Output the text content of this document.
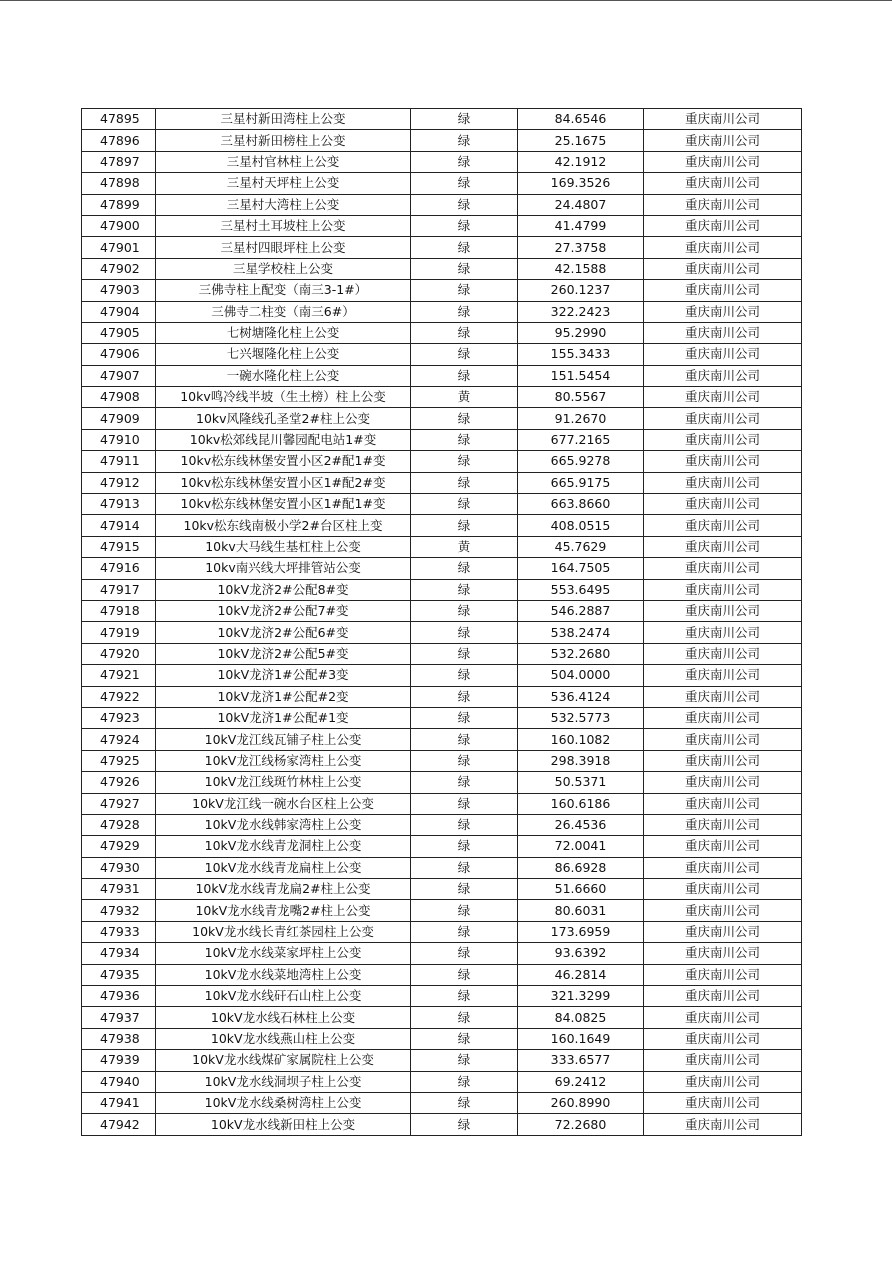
47895	三星村新田湾柱上公变	绿	84.6546	重庆南川公司
47896	三星村新田榜柱上公变	绿	25.1675	重庆南川公司
47897	三星村官林柱上公变	绿	42.1912	重庆南川公司
47898	三星村天坪柱上公变	绿	169.3526	重庆南川公司
47899	三星村大湾柱上公变	绿	24.4807	重庆南川公司
47900	三星村土耳坡柱上公变	绿	41.4799	重庆南川公司
47901	三星村四眼坪柱上公变	绿	27.3758	重庆南川公司
47902	三星学校柱上公变	绿	42.1588	重庆南川公司
47903	三佛寺柱上配变（南三3-1#）	绿	260.1237	重庆南川公司
47904	三佛寺二柱变（南三6#）	绿	322.2423	重庆南川公司
47905	七树塘隆化柱上公变	绿	95.2990	重庆南川公司
47906	七兴堰隆化柱上公变	绿	155.3433	重庆南川公司
47907	一碗水隆化柱上公变	绿	151.5454	重庆南川公司
47908	10kv鸣冷线半坡（生土榜）柱上公变	黄	80.5567	重庆南川公司
47909	10kv风隆线孔圣堂2#柱上公变	绿	91.2670	重庆南川公司
47910	10kv松郊线昆川馨园配电站1#变	绿	677.2165	重庆南川公司
47911	10kv松东线林堡安置小区2#配1#变	绿	665.9278	重庆南川公司
47912	10kv松东线林堡安置小区1#配2#变	绿	665.9175	重庆南川公司
47913	10kv松东线林堡安置小区1#配1#变	绿	663.8660	重庆南川公司
47914	10kv松东线南极小学2#台区柱上变	绿	408.0515	重庆南川公司
47915	10kv大马线生基杠柱上公变	黄	45.7629	重庆南川公司
47916	10kv南兴线大坪排管站公变	绿	164.7505	重庆南川公司
47917	10kV龙济2#公配8#变	绿	553.6495	重庆南川公司
47918	10kV龙济2#公配7#变	绿	546.2887	重庆南川公司
47919	10kV龙济2#公配6#变	绿	538.2474	重庆南川公司
47920	10kV龙济2#公配5#变	绿	532.2680	重庆南川公司
47921	10kV龙济1#公配#3变	绿	504.0000	重庆南川公司
47922	10kV龙济1#公配#2变	绿	536.4124	重庆南川公司
47923	10kV龙济1#公配#1变	绿	532.5773	重庆南川公司
47924	10kV龙江线瓦铺子柱上公变	绿	160.1082	重庆南川公司
47925	10kV龙江线杨家湾柱上公变	绿	298.3918	重庆南川公司
47926	10kV龙江线斑竹林柱上公变	绿	50.5371	重庆南川公司
47927	10kV龙江线一碗水台区柱上公变	绿	160.6186	重庆南川公司
47928	10kV龙水线韩家湾柱上公变	绿	26.4536	重庆南川公司
47929	10kV龙水线青龙洞柱上公变	绿	72.0041	重庆南川公司
47930	10kV龙水线青龙扁柱上公变	绿	86.6928	重庆南川公司
47931	10kV龙水线青龙扁2#柱上公变	绿	51.6660	重庆南川公司
47932	10kV龙水线青龙嘴2#柱上公变	绿	80.6031	重庆南川公司
47933	10kV龙水线长青红茶园柱上公变	绿	173.6959	重庆南川公司
47934	10kV龙水线菜家坪柱上公变	绿	93.6392	重庆南川公司
47935	10kV龙水线菜地湾柱上公变	绿	46.2814	重庆南川公司
47936	10kV龙水线矸石山柱上公变	绿	321.3299	重庆南川公司
47937	10kV龙水线石林柱上公变	绿	84.0825	重庆南川公司
47938	10kV龙水线燕山柱上公变	绿	160.1649	重庆南川公司
47939	10kV龙水线煤矿家属院柱上公变	绿	333.6577	重庆南川公司
47940	10kV龙水线洞坝子柱上公变	绿	69.2412	重庆南川公司
47941	10kV龙水线桑树湾柱上公变	绿	260.8990	重庆南川公司
47942	10kV龙水线新田柱上公变	绿	72.2680	重庆南川公司
